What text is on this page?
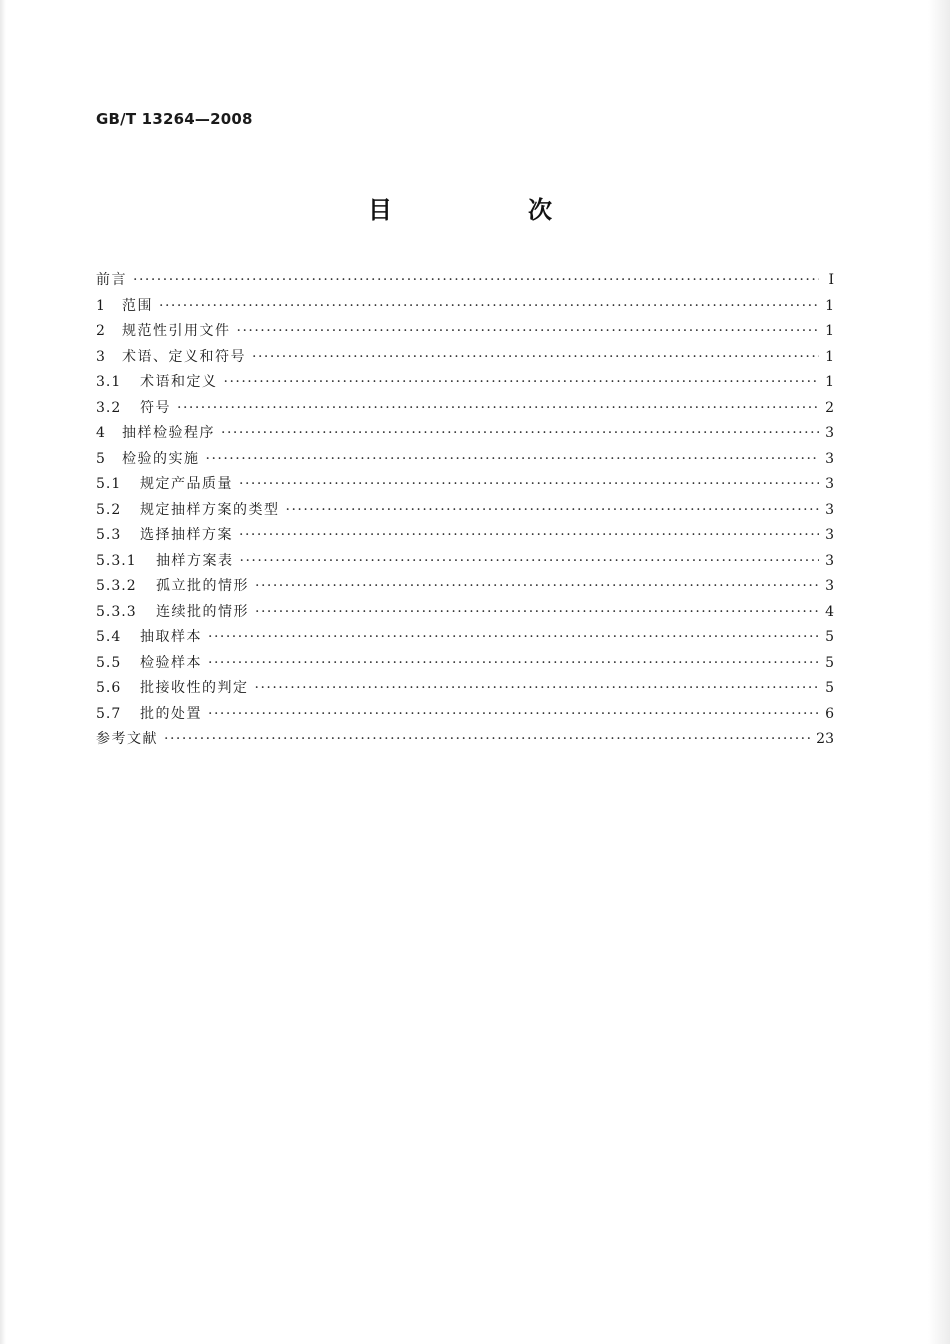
GB/T 13264—2008
目　次
前言 ·····	Ⅰ
1	范围 ·····	1
2	规范性引用文件 ·····	1
3	术语、定义和符号 ·····	1
3.1	术语和定义 ·····	1
3.2	符号 ·····	2
4	抽样检验程序 ·····	3
5	检验的实施 ·····	3
5.1	规定产品质量 ·····	3
5.2	规定抽样方案的类型 ·····	3
5.3	选择抽样方案 ·····	3
5.3.1	抽样方案表 ·····	3
5.3.2	孤立批的情形 ·····	3
5.3.3	连续批的情形 ·····	4
5.4	抽取样本 ·····	5
5.5	检验样本 ·····	5
5.6	批接收性的判定 ·····	5
5.7	批的处置 ·····	6
参考文献 ·····	23
